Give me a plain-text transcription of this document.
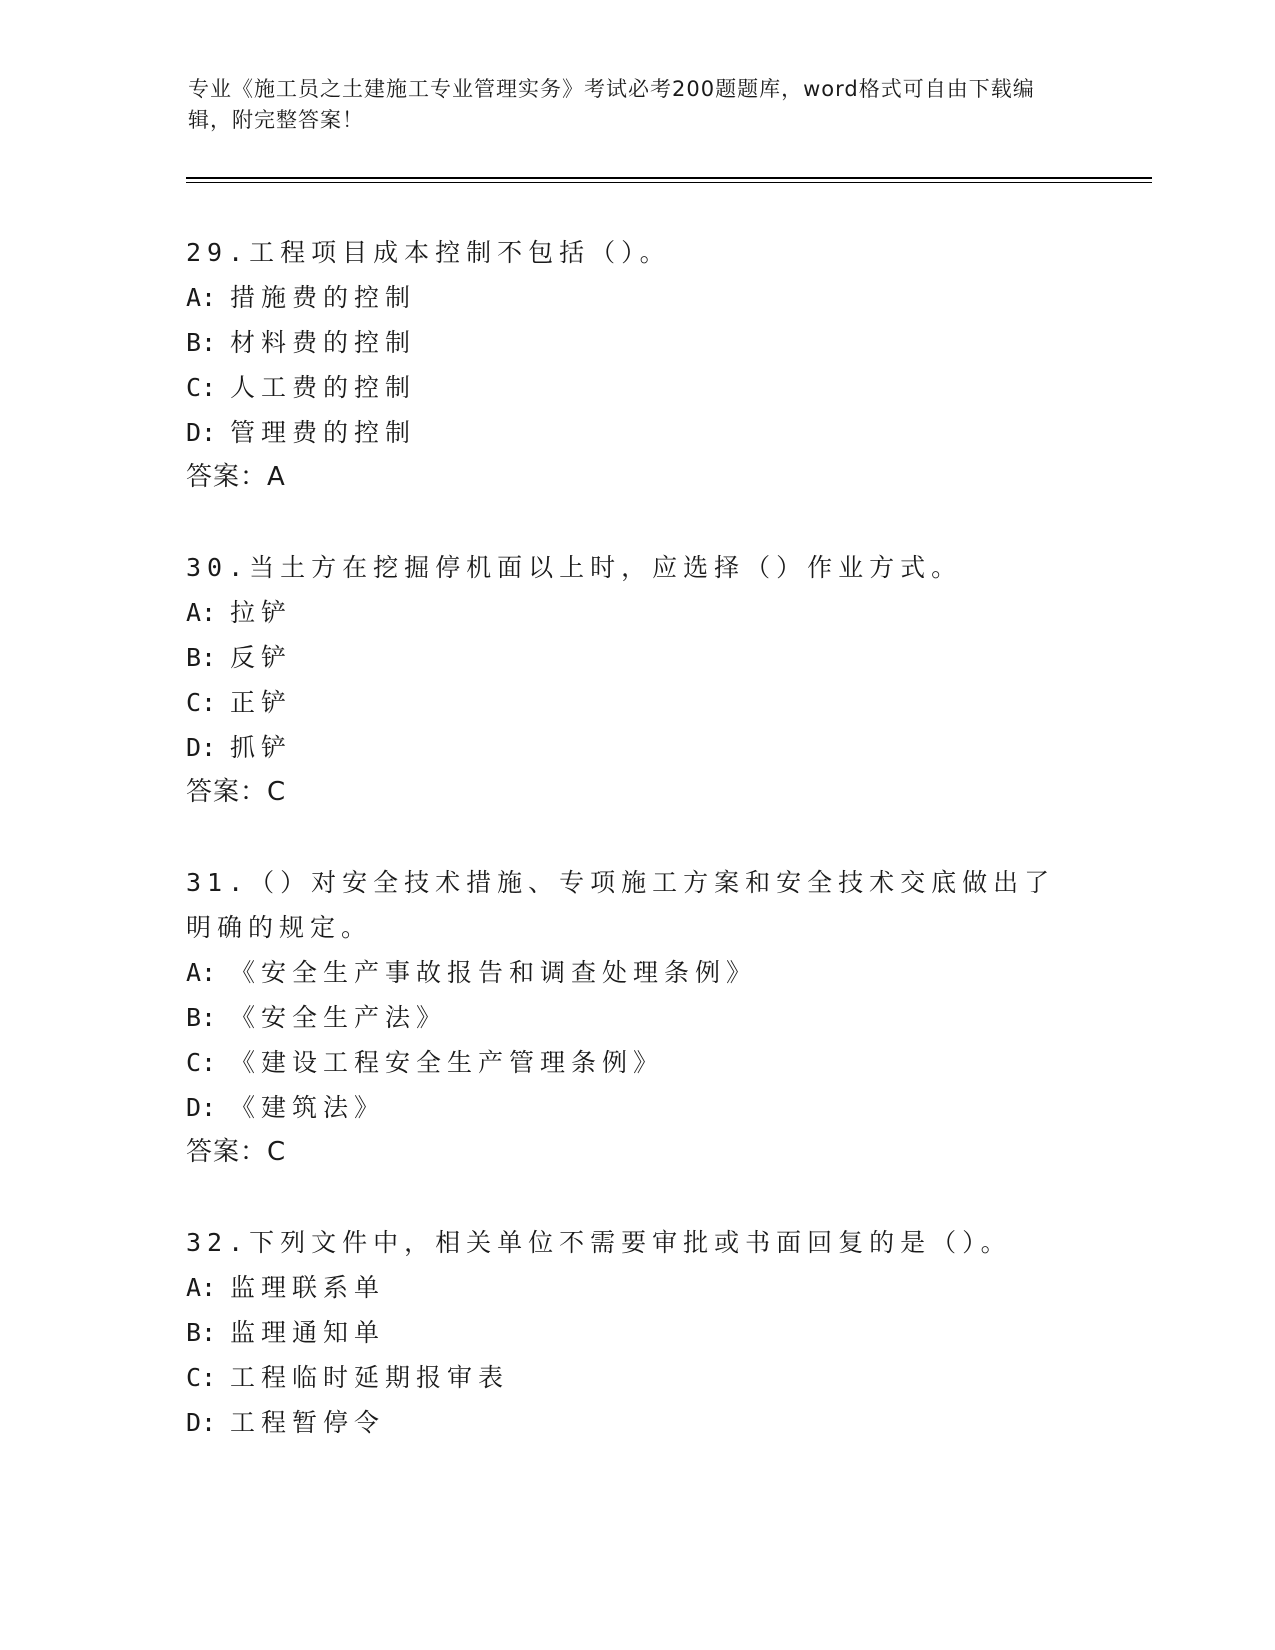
专业《施工员之土建施工专业管理实务》考试必考200题题库，word格式可自由下载编辑，附完整答案！
29.工程项目成本控制不包括（）。
A: 措施费的控制
B: 材料费的控制
C: 人工费的控制
D: 管理费的控制
答案：A
30.当土方在挖掘停机面以上时，应选择（）作业方式。
A: 拉铲
B: 反铲
C: 正铲
D: 抓铲
答案：C
31.（）对安全技术措施、专项施工方案和安全技术交底做出了明确的规定。
A: 《安全生产事故报告和调查处理条例》
B: 《安全生产法》
C: 《建设工程安全生产管理条例》
D: 《建筑法》
答案：C
32.下列文件中，相关单位不需要审批或书面回复的是（）。
A: 监理联系单
B: 监理通知单
C: 工程临时延期报审表
D: 工程暂停令
